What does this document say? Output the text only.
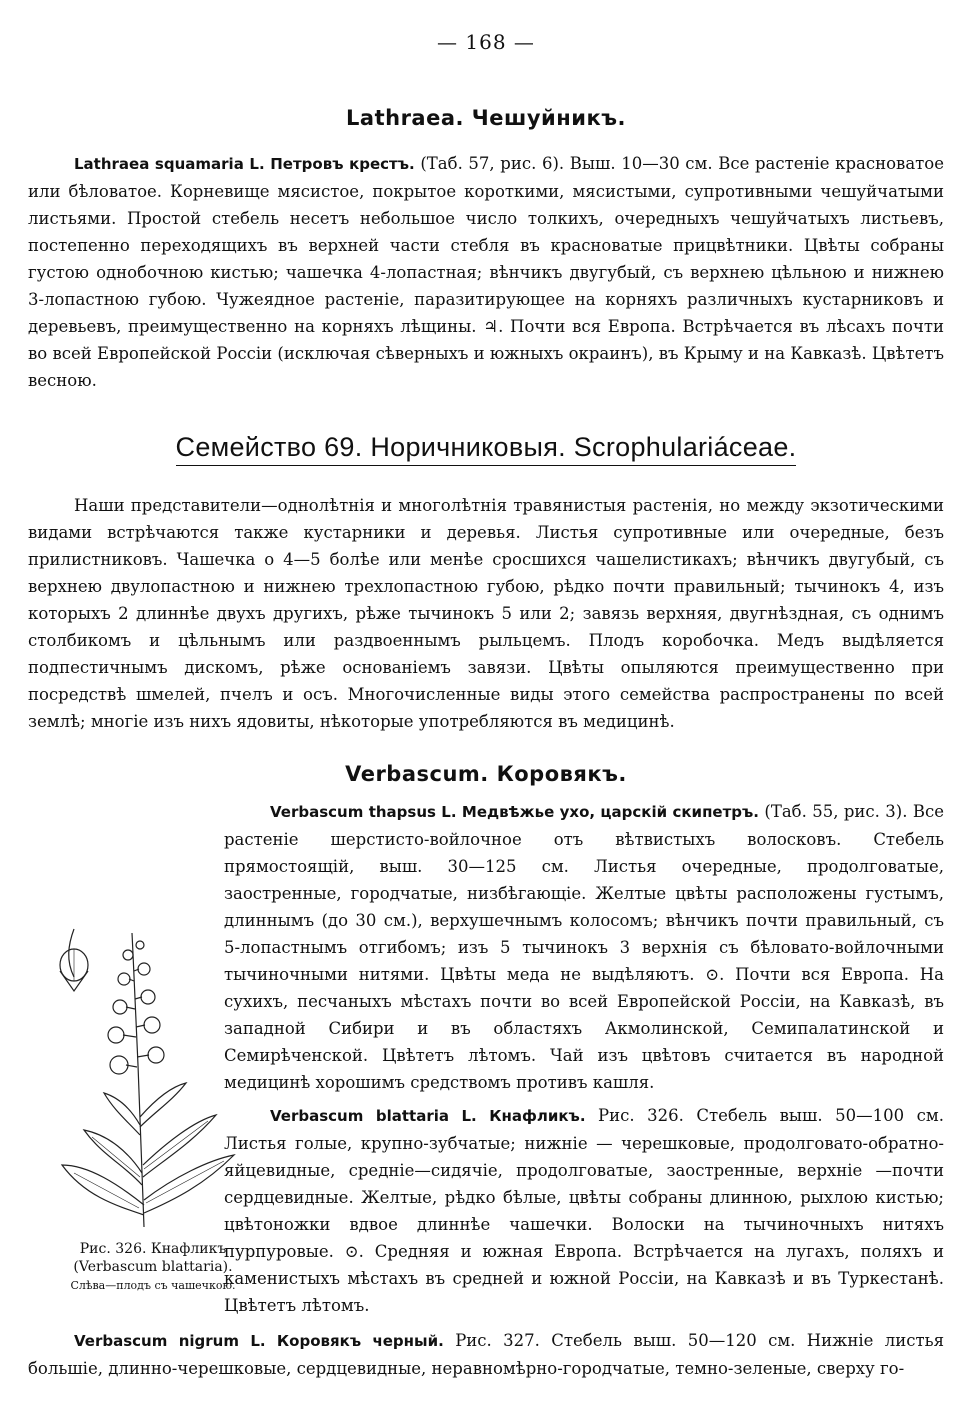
— 168 —
Lathraea. Чешуйникъ.
Lathraea squamaria L. Петровъ крестъ. (Таб. 57, рис. 6). Выш. 10—30 см. Все растеніе красноватое или бѣловатое. Корневище мясистое, покрытое короткими, мясистыми, супротивными чешуйчатыми листьями. Простой стебель несетъ небольшое число толкихъ, очередныхъ чешуйчатыхъ листьевъ, постепенно переходящихъ въ верхней части стебля въ красноватые прицвѣтники. Цвѣты собраны густою однобочною кистью; чашечка 4-лопастная; вѣнчикъ двугубый, съ верхнею цѣльною и нижнею 3-лопастною губою. Чужеядное растеніе, паразитирующее на корняхъ различныхъ кустарниковъ и деревьевъ, преимущественно на корняхъ лѣщины. ♃. Почти вся Европа. Встрѣчается въ лѣсахъ почти во всей Европейской Россіи (исключая сѣверныхъ и южныхъ окраинъ), въ Крыму и на Кавказѣ. Цвѣтетъ весною.
Семейство 69. Норичниковыя. Scrophulariáceae.
Наши представители—однолѣтнія и многолѣтнія травянистыя растенія, но между экзотическими видами встрѣчаются также кустарники и деревья. Листья супротивные или очередные, безъ прилистниковъ. Чашечка о 4—5 болѣе или менѣе сросшихся чашелистикахъ; вѣнчикъ двугубый, съ верхнею двулопастною и нижнею трехлопастною губою, рѣдко почти правильный; тычинокъ 4, изъ которыхъ 2 длиннѣе двухъ другихъ, рѣже тычинокъ 5 или 2; завязь верхняя, двугнѣздная, съ однимъ столбикомъ и цѣльнымъ или раздвоеннымъ рыльцемъ. Плодъ коробочка. Медъ выдѣляется подпестичнымъ дискомъ, рѣже основаніемъ завязи. Цвѣты опыляются преимущественно при посредствѣ шмелей, пчелъ и осъ. Многочисленные виды этого семейства распространены по всей землѣ; многіе изъ нихъ ядовиты, нѣкоторые употребляются въ медицинѣ.
Verbascum. Коровякъ.
Verbascum thapsus L. Медвѣжье ухо, царскій скипетръ. (Таб. 55, рис. 3). Все растеніе шерстисто-войлочное отъ вѣтвистыхъ волосковъ. Стебель прямостоящій, выш. 30—125 см. Листья очередные, продолговатые, заостренные, городчатые, низбѣгающіе. Желтые цвѣты расположены густымъ, длиннымъ (до 30 см.), верхушечнымъ колосомъ; вѣнчикъ почти правильный, съ 5-лопастнымъ отгибомъ; изъ 5 тычинокъ 3 верхнія съ бѣловато-войлочными тычиночными нитями. Цвѣты меда не выдѣляютъ. ⊙. Почти вся Европа. На сухихъ, песчаныхъ мѣстахъ почти во всей Европейской Россіи, на Кавказѣ, въ западной Сибири и въ областяхъ Акмолинской, Семипалатинской и Семирѣченской. Цвѣтетъ лѣтомъ. Чай изъ цвѣтовъ считается въ народной медицинѣ хорошимъ средствомъ противъ кашля.
Verbascum blattaria L. Кнафликъ. Рис. 326. Стебель выш. 50—100 см. Листья голые, крупно-зубчатые; нижніе — черешковые, продолговато-обратно-яйцевидные, средніе—сидячіе, продолговатые, заостренные, верхніе —почти сердцевидные. Желтые, рѣдко бѣлые, цвѣты собраны длинною, рыхлою кистью; цвѣтоножки вдвое длиннѣе чашечки. Волоски на тычиночныхъ нитяхъ пурпуровые. ⊙. Средняя и южная Европа. Встрѣчается на лугахъ, поляхъ и каменистыхъ мѣстахъ въ средней и южной Россіи, на Кавказѣ и въ Туркестанѣ. Цвѣтетъ лѣтомъ.
Verbascum nigrum L. Коровякъ черный. Рис. 327. Стебель выш. 50—120 см. Нижніе листья большіе, длинно-черешковые, сердцевидные, неравномѣрно-городчатые, темно-зеленые, сверху го-
Рис. 326. Кнафликъ
(Verbascum blattaria).
Слѣва—плодъ съ чашечкою.
